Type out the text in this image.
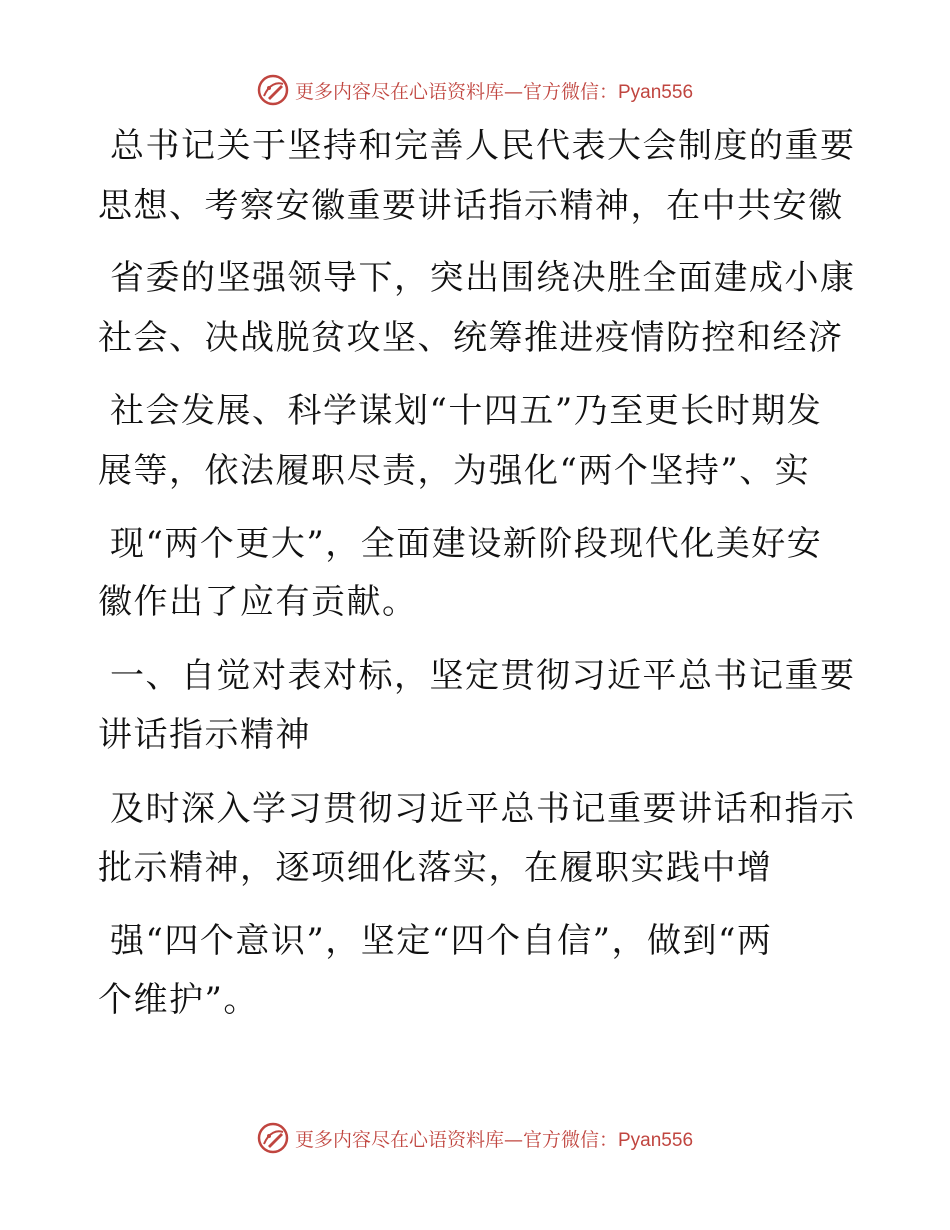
更多内容尽在心语资料库—官方微信：Pyan556
总书记关于坚持和完善人民代表大会制度的重要
思想、考察安徽重要讲话指示精神，在中共安徽
省委的坚强领导下，突出围绕决胜全面建成小康
社会、决战脱贫攻坚、统筹推进疫情防控和经济
社会发展、科学谋划“十四五”乃至更长时期发
展等，依法履职尽责，为强化“两个坚持”、实
现“两个更大”，全面建设新阶段现代化美好安
徽作出了应有贡献。
一、自觉对表对标，坚定贯彻习近平总书记重要
讲话指示精神
及时深入学习贯彻习近平总书记重要讲话和指示
批示精神，逐项细化落实，在履职实践中增
强“四个意识”，坚定“四个自信”，做到“两
个维护”。
更多内容尽在心语资料库—官方微信：Pyan556
